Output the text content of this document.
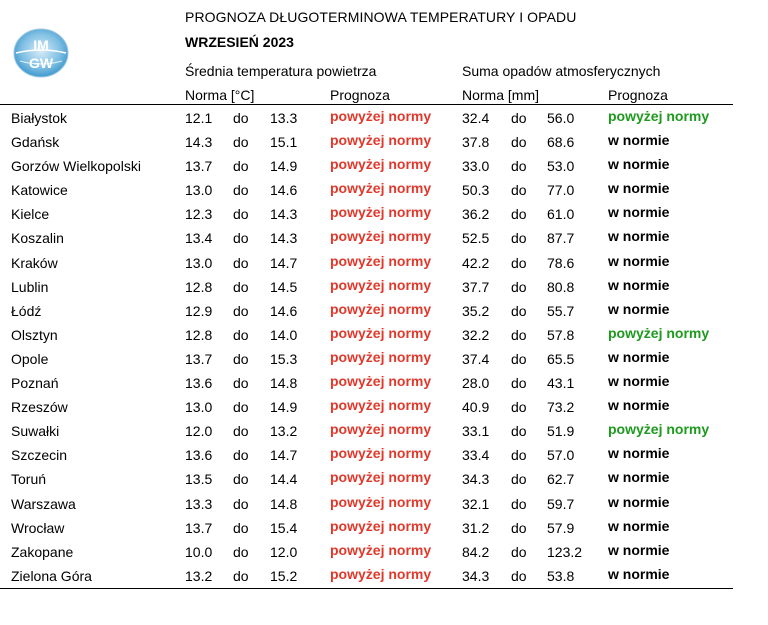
IM
GW
PROGNOZA DŁUGOTERMINOWA TEMPERATURY I OPADU
WRZESIEŃ 2023
Średnia temperatura powietrza	Suma opadów atmosferycznych
Norma [°C]	Prognoza	Norma [mm]	Prognoza
Białystok	12.1 do 13.3 powyżej normy 32.4 do 56.0 powyżej normy
Gdańsk	14.3 do 15.1 powyżej normy 37.8 do 68.6 w normie
Gorzów Wielkopolski	13.7 do 14.9 powyżej normy 33.0 do 53.0 w normie
Katowice	13.0 do 14.6 powyżej normy 50.3 do 77.0 w normie
Kielce	12.3 do 14.3 powyżej normy 36.2 do 61.0 w normie
Koszalin	13.4 do 14.3 powyżej normy 52.5 do 87.7 w normie
Kraków	13.0 do 14.7 powyżej normy 42.2 do 78.6 w normie
Lublin	12.8 do 14.5 powyżej normy 37.7 do 80.8 w normie
Łódź	12.9 do 14.6 powyżej normy 35.2 do 55.7 w normie
Olsztyn	12.8 do 14.0 powyżej normy 32.2 do 57.8 powyżej normy
Opole	13.7 do 15.3 powyżej normy 37.4 do 65.5 w normie
Poznań	13.6 do 14.8 powyżej normy 28.0 do 43.1 w normie
Rzeszów	13.0 do 14.9 powyżej normy 40.9 do 73.2 w normie
Suwałki	12.0 do 13.2 powyżej normy 33.1 do 51.9 powyżej normy
Szczecin	13.6 do 14.7 powyżej normy 33.4 do 57.0 w normie
Toruń	13.5 do 14.4 powyżej normy 34.3 do 62.7 w normie
Warszawa	13.3 do 14.8 powyżej normy 32.1 do 59.7 w normie
Wrocław	13.7 do 15.4 powyżej normy 31.2 do 57.9 w normie
Zakopane	10.0 do 12.0 powyżej normy 84.2 do 123.2 w normie
Zielona Góra	13.2 do 15.2 powyżej normy 34.3 do 53.8 w normie
